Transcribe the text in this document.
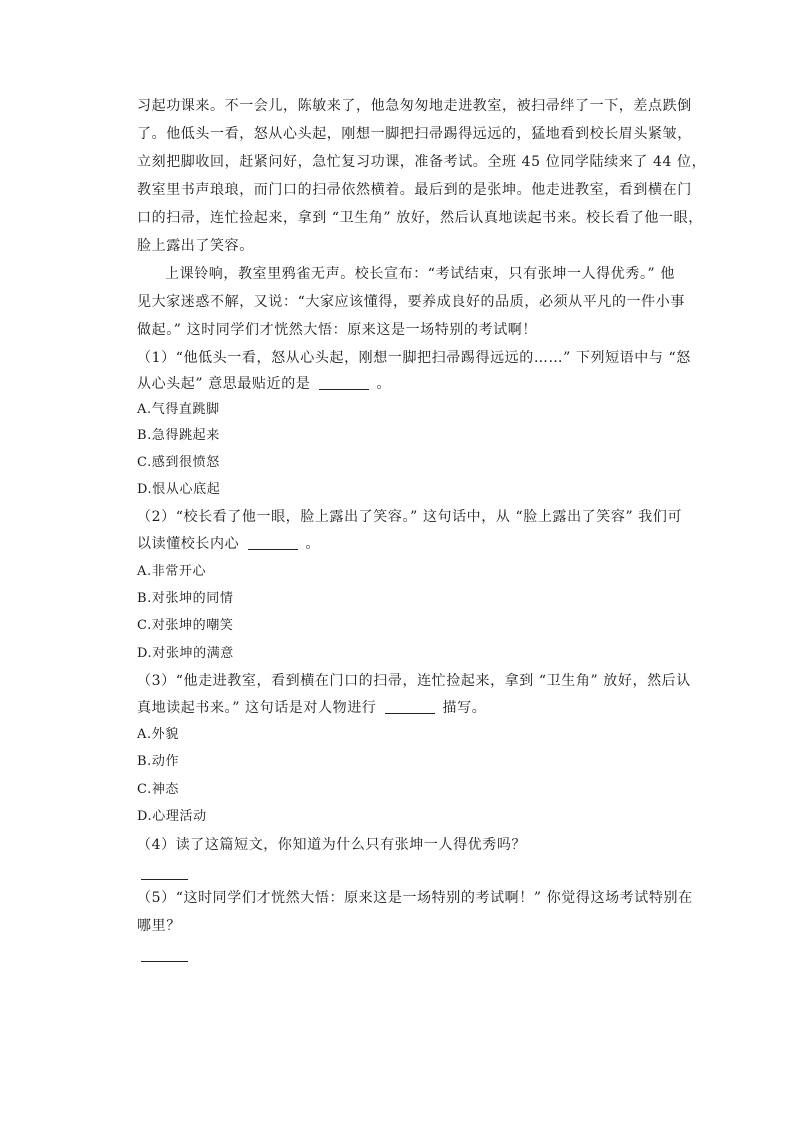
习起功课来。不一会儿，陈敏来了，他急匆匆地走进教室，被扫帚绊了一下，差点跌倒
了。他低头一看，怒从心头起，刚想一脚把扫帚踢得远远的，猛地看到校长眉头紧皱，
立刻把脚收回，赶紧问好，急忙复习功课，准备考试。全班 45 位同学陆续来了 44 位，
教室里书声琅琅，而门口的扫帚依然横着。最后到的是张坤。他走进教室，看到横在门
口的扫帚，连忙捡起来，拿到 “卫生角” 放好，然后认真地读起书来。校长看了他一眼，
脸上露出了笑容。
上课铃响，教室里鸦雀无声。校长宣布：“考试结束，只有张坤一人得优秀。” 他
见大家迷惑不解，又说：“大家应该懂得，要养成良好的品质，必须从平凡的一件小事
做起。” 这时同学们才恍然大悟：原来这是一场特别的考试啊！
（1）“他低头一看，怒从心头起，刚想一脚把扫帚踢得远远的……” 下列短语中与 “怒
从心头起” 意思最贴近的是	。
A.气得直跳脚
B.急得跳起来
C.感到很愤怒
D.恨从心底起
（2）“校长看了他一眼，脸上露出了笑容。” 这句话中，从 “脸上露出了笑容” 我们可
以读懂校长内心	。
A.非常开心
B.对张坤的同情
C.对张坤的嘲笑
D.对张坤的满意
（3）“他走进教室，看到横在门口的扫帚，连忙捡起来，拿到 “卫生角” 放好，然后认
真地读起书来。” 这句话是对人物进行	描写。
A.外貌
B.动作
C.神态
D.心理活动
（4）读了这篇短文，你知道为什么只有张坤一人得优秀吗？
（5）“这时同学们才恍然大悟：原来这是一场特别的考试啊！” 你觉得这场考试特别在
哪里？
